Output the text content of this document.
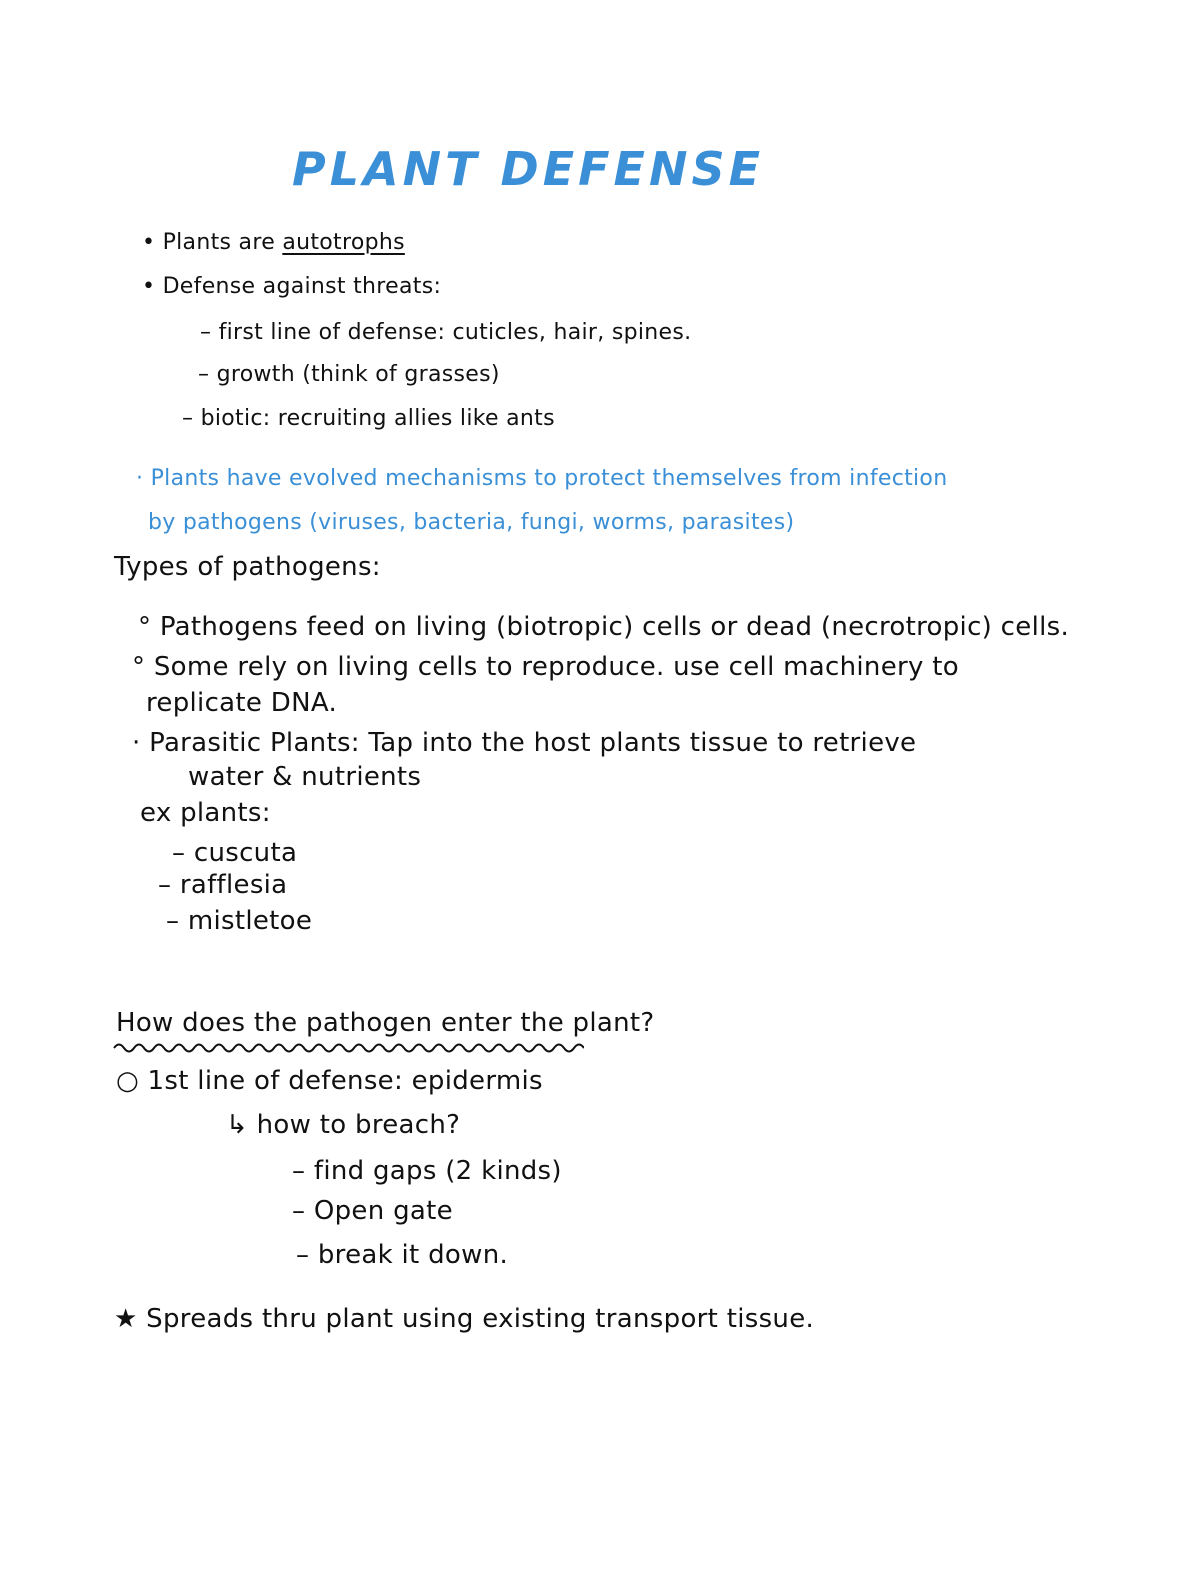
PLANT DEFENSE
• Plants are autotrophs
• Defense against threats:
– first line of defense: cuticles, hair, spines.
– growth (think of grasses)
– biotic: recruiting allies like ants
· Plants have evolved mechanisms to protect themselves from infection
by pathogens (viruses, bacteria, fungi, worms, parasites)
Types of pathogens:
° Pathogens feed on living (biotropic) cells or dead (necrotropic) cells.
° Some rely on living cells to reproduce. use cell machinery to
replicate DNA.
· Parasitic Plants: Tap into the host plants tissue to retrieve
water & nutrients
ex plants:
– cuscuta
– rafflesia
– mistletoe
How does the pathogen enter the plant?
○ 1st line of defense: epidermis
↳ how to breach?
– find gaps (2 kinds)
– Open gate
– break it down.
★ Spreads thru plant using existing transport tissue.
